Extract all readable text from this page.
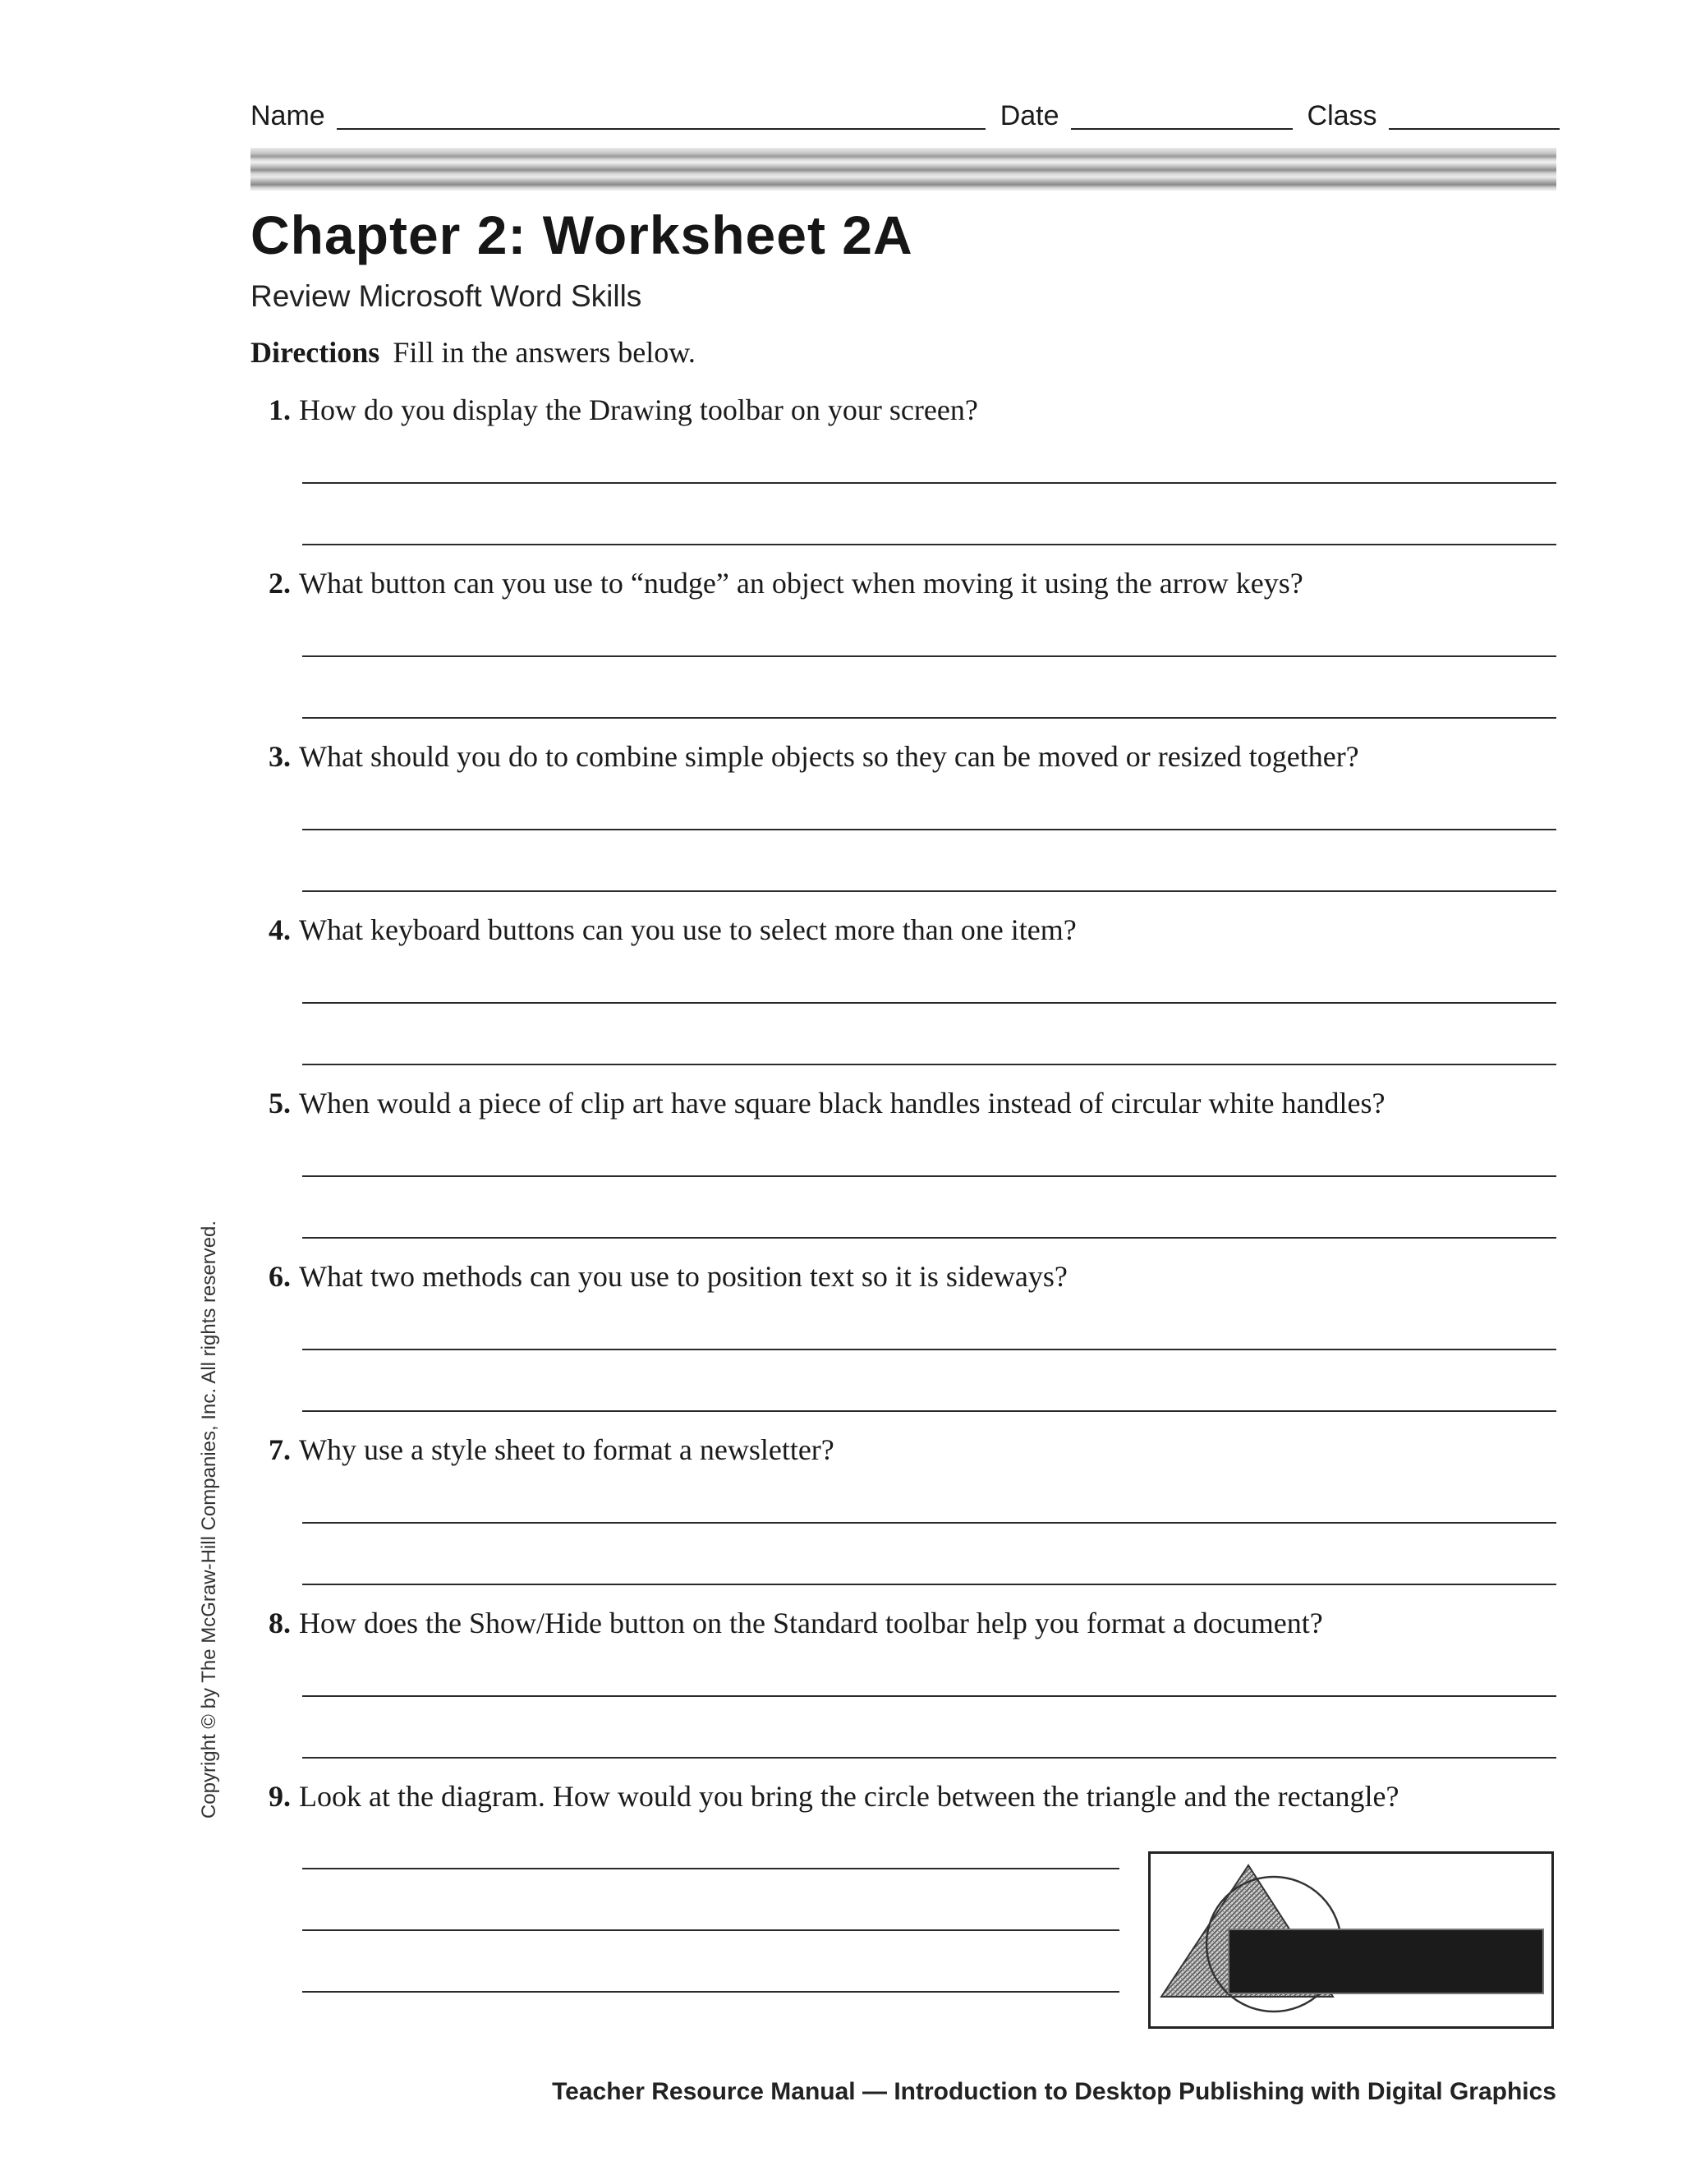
Name	Date	Class
Chapter 2: Worksheet 2A
Review Microsoft Word Skills
Directions Fill in the answers below.
1. How do you display the Drawing toolbar on your screen?
2. What button can you use to “nudge” an object when moving it using the arrow keys?
3. What should you do to combine simple objects so they can be moved or resized together?
4. What keyboard buttons can you use to select more than one item?
5. When would a piece of clip art have square black handles instead of circular white handles?
6. What two methods can you use to position text so it is sideways?
7. Why use a style sheet to format a newsletter?
8. How does the Show/Hide button on the Standard toolbar help you format a document?
9. Look at the diagram. How would you bring the circle between the triangle and the rectangle?
Copyright © by The McGraw-Hill Companies, Inc. All rights reserved.
Teacher Resource Manual — Introduction to Desktop Publishing with Digital Graphics
